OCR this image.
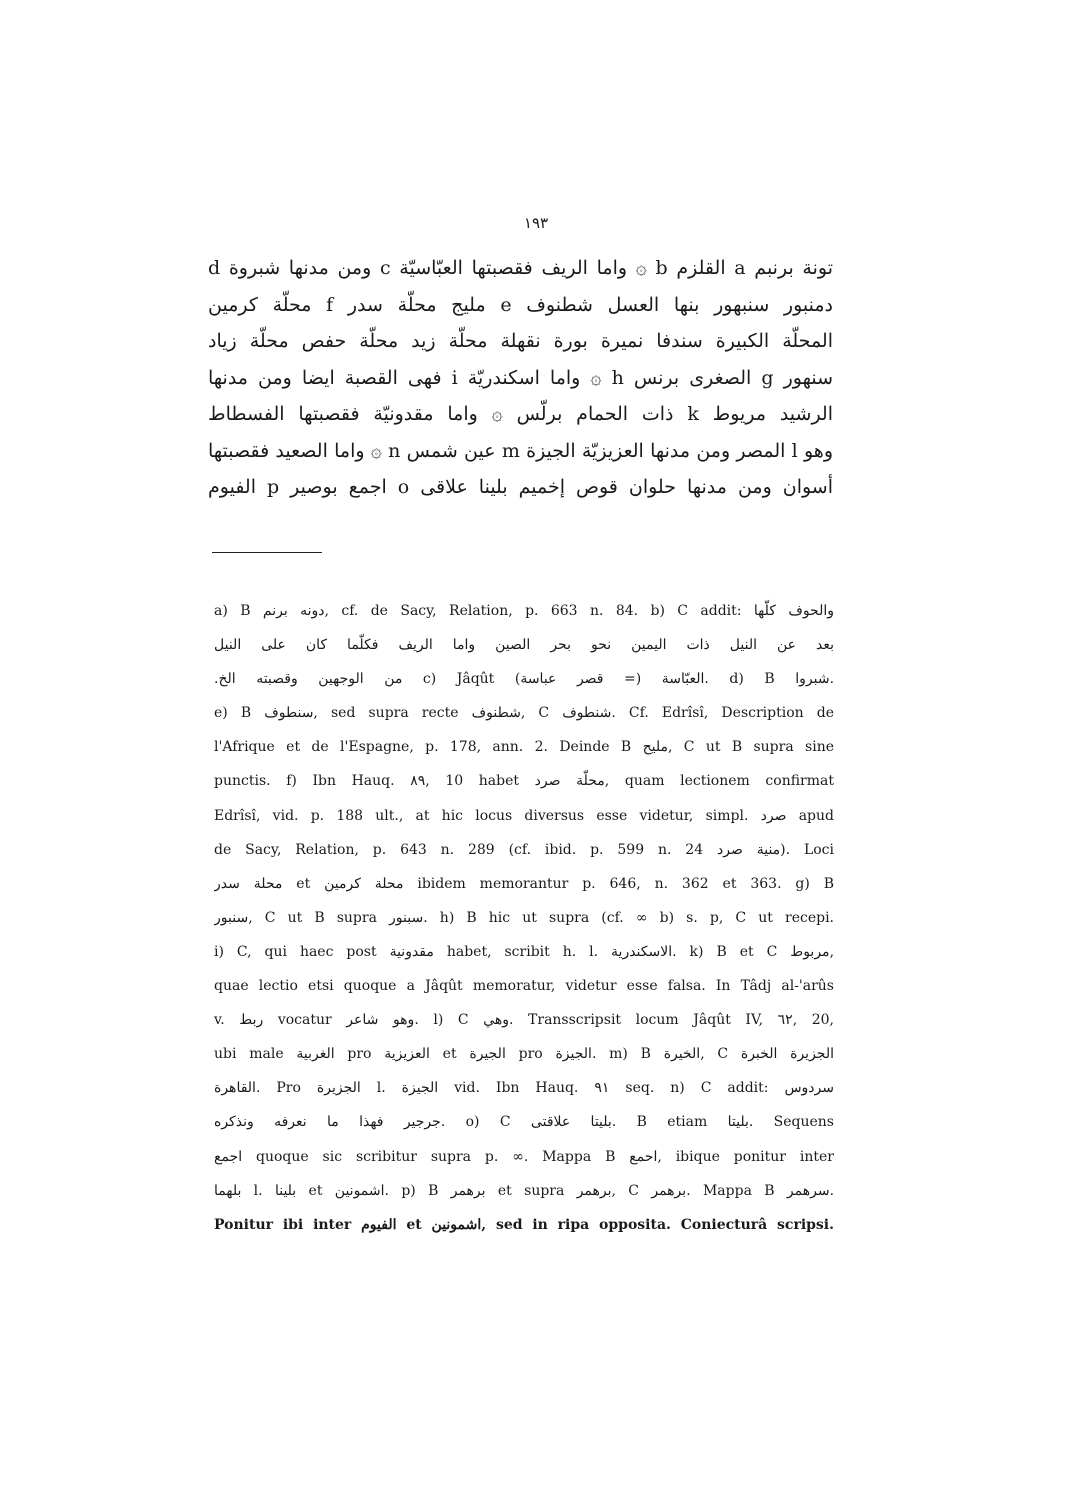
١٩٣
تونة برنبم a القلزم b ۞ واما الريف فقصبتها العبّاسيّة c ومن مدنها شبروة d
دمنبور سنبهور بنها العسل شطنوف e مليج محلّة سدر f محلّة كرمين
المحلّة الكبيرة سندفا نميرة بورة نقهلة محلّة زيد محلّة حفص محلّة زياد
سنهور g الصغرى برنس h ۞ واما اسكندريّة i فهى القصبة ايضا ومن مدنها
الرشيد مريوط k ذات الحمام برلّس ۞ واما مقدونيّة فقصبتها الفسطاط
وهو l المصر ومن مدنها العزيزيّة الجيزة m عين شمس n ۞ واما الصعيد فقصبتها
أسوان ومن مدنها حلوان قوص إخميم بلينا علاقى o اجمع بوصير p الفيوم
a) B دونه برنم, cf. de Sacy, Relation, p. 663 n. 84. b) C addit: والحوف كلّها
بعد عن النيل ذات اليمين نحو بحر الصين واما الريف فكلّما كان على النيل
.من الوجهين وقصبته الخ c) Jâqût العبّاسة (= قصر عباسة). d) B شبروا.
e) B سنطوف, sed supra recte شطنوف, C شنطوف. Cf. Edrîsî, Description de
l'Afrique et de l'Espagne, p. 178, ann. 2. Deinde B مليح, C ut B supra sine
punctis. f) Ibn Hauq. ٨٩, 10 habet محلّة صرد, quam lectionem confirmat
Edrîsî, vid. p. 188 ult., at hic locus diversus esse videtur, simpl. صرد apud
de Sacy, Relation, p. 643 n. 289 (cf. ibid. p. 599 n. 24 منية صرد). Loci
محلة سدر et محلة كرمين ibidem memorantur p. 646, n. 362 et 363. g) B
سنبور, C ut B supra سبنور. h) B hic ut supra (cf. ∞ b) s. p, C ut recepi.
i) C, qui haec post مقدونية habet, scribit h. l. الاسكندرية. k) B et C مربوط,
quae lectio etsi quoque a Jâqût memoratur, videtur esse falsa. In Tâdj al-'arûs
v. ربط vocatur وهو شاعر. l) C وهي. Transscripsit locum Jâqût IV, ٦٢, 20,
ubi male الغربية pro العزيزية et الجيرة pro الجيزة. m) B الخيرة, C الجزيرة الخبرة
القاهرة. Pro الجزيرة l. الجيزة vid. Ibn Hauq. ٩١ seq. n) C addit: سردوس
جرجير فهذا ما نعرفه ونذكره. o) C بليتا علاقتى. B etiam بليتا. Sequens
اجمع quoque sic scribitur supra p. ∞. Mappa B احمع, ibique ponitur inter
بلهما l. بلينا et اشمونين. p) B برهمر et supra برهمر, C برهمر. Mappa B سرهمر.
Ponitur ibi inter الفيوم et اشمونين, sed in ripa opposita. Coniecturâ scripsi.
